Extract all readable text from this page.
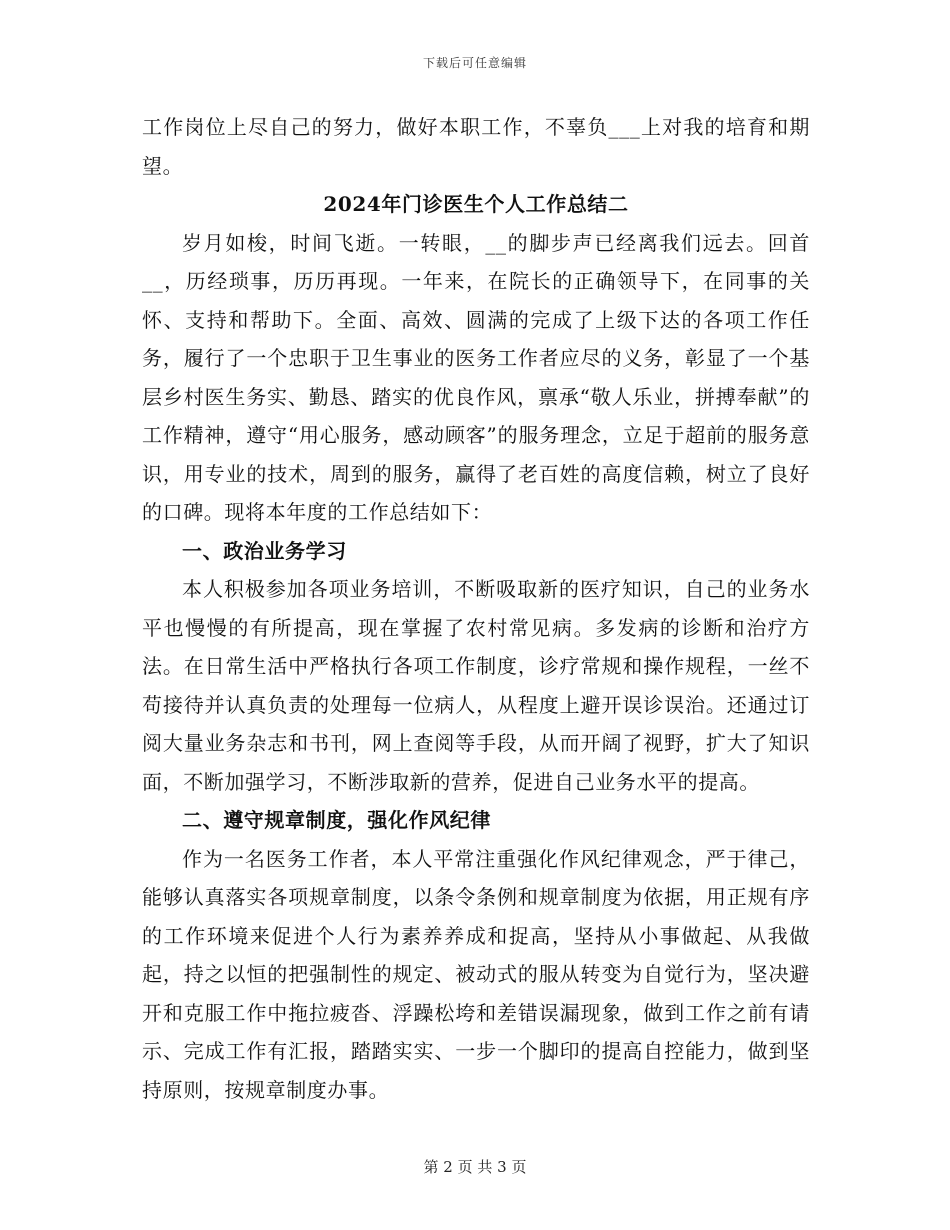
下载后可任意编辑

工作岗位上尽自己的努力，做好本职工作，不辜负___上对我的培育和期望。

2024年门诊医生个人工作总结二

岁月如梭，时间飞逝。一转眼，__的脚步声已经离我们远去。回首__，历经琐事，历历再现。一年来，在院长的正确领导下，在同事的关怀、支持和帮助下。全面、高效、圆满的完成了上级下达的各项工作任务，履行了一个忠职于卫生事业的医务工作者应尽的义务，彰显了一个基层乡村医生务实、勤恳、踏实的优良作风，禀承“敬人乐业，拼搏奉献”的工作精神，遵守“用心服务，感动顾客”的服务理念，立足于超前的服务意识，用专业的技术，周到的服务，赢得了老百姓的高度信赖，树立了良好的口碑。现将本年度的工作总结如下：

一、政治业务学习

本人积极参加各项业务培训，不断吸取新的医疗知识，自己的业务水平也慢慢的有所提高，现在掌握了农村常见病。多发病的诊断和治疗方法。在日常生活中严格执行各项工作制度，诊疗常规和操作规程，一丝不苟接待并认真负责的处理每一位病人，从程度上避开误诊误治。还通过订阅大量业务杂志和书刊，网上查阅等手段，从而开阔了视野，扩大了知识面，不断加强学习，不断涉取新的营养，促进自己业务水平的提高。

二、遵守规章制度，强化作风纪律

作为一名医务工作者，本人平常注重强化作风纪律观念，严于律己，能够认真落实各项规章制度，以条令条例和规章制度为依据，用正规有序的工作环境来促进个人行为素养养成和捉高，坚持从小事做起、从我做起，持之以恒的把强制性的规定、被动式的服从转变为自觉行为，坚决避开和克服工作中拖拉疲沓、浮躁松垮和差错误漏现象，做到工作之前有请示、完成工作有汇报，踏踏实实、一步一个脚印的提高自控能力，做到坚持原则，按规章制度办事。

第 2 页 共 3 页
